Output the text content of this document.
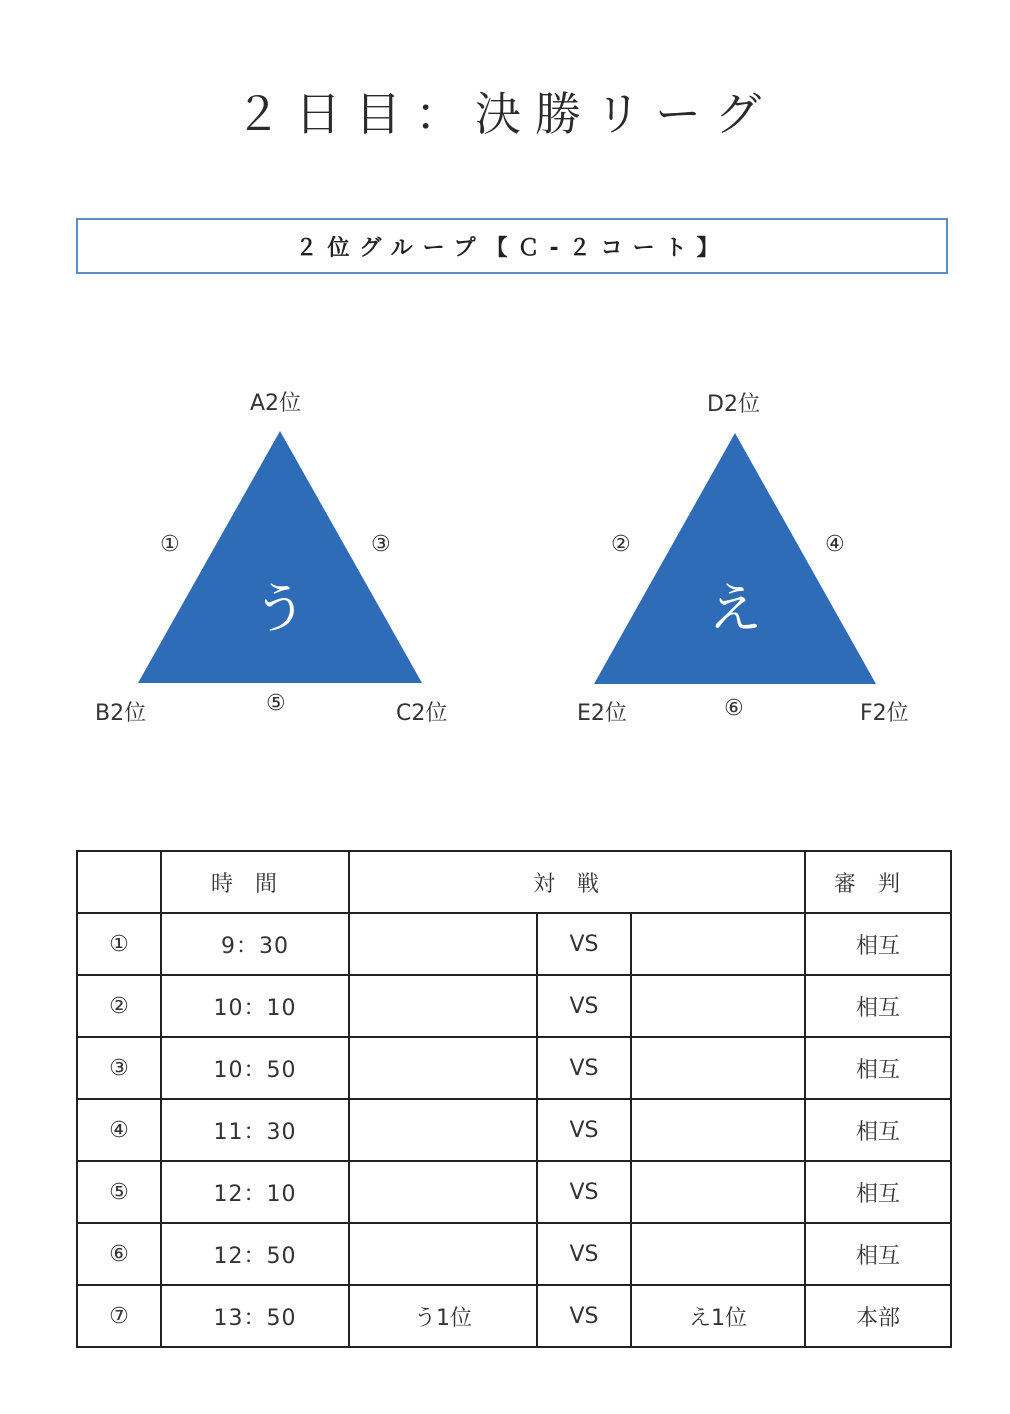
２日目：決勝リーグ
２位グループ【Ｃ-２コート】
う
A2位
B2位	C2位
①	③
⑤
え
D2位
E2位	F2位
②	④
⑥
	時間	対戦			審判
①	9：30		VS		相互
②	10：10		VS		相互
③	10：50		VS		相互
④	11：30		VS		相互
⑤	12：10		VS		相互
⑥	12：50		VS		相互
⑦	13：50	う1位	VS	え1位	本部
